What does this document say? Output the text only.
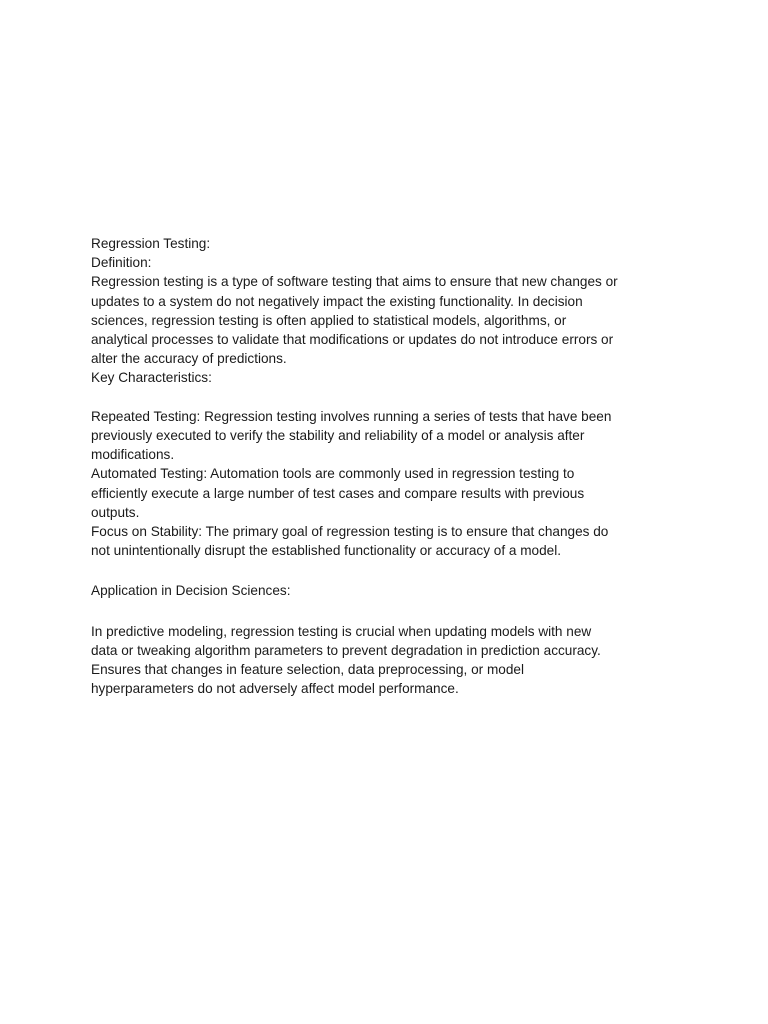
Regression Testing:

Definition:

Regression testing is a type of software testing that aims to ensure that new changes or updates to a system do not negatively impact the existing functionality. In decision sciences, regression testing is often applied to statistical models, algorithms, or analytical processes to validate that modifications or updates do not introduce errors or alter the accuracy of predictions.

Key Characteristics:

Repeated Testing: Regression testing involves running a series of tests that have been previously executed to verify the stability and reliability of a model or analysis after modifications.

Automated Testing: Automation tools are commonly used in regression testing to efficiently execute a large number of test cases and compare results with previous outputs.

Focus on Stability: The primary goal of regression testing is to ensure that changes do not unintentionally disrupt the established functionality or accuracy of a model.

Application in Decision Sciences:

In predictive modeling, regression testing is crucial when updating models with new data or tweaking algorithm parameters to prevent degradation in prediction accuracy.

Ensures that changes in feature selection, data preprocessing, or model hyperparameters do not adversely affect model performance.
